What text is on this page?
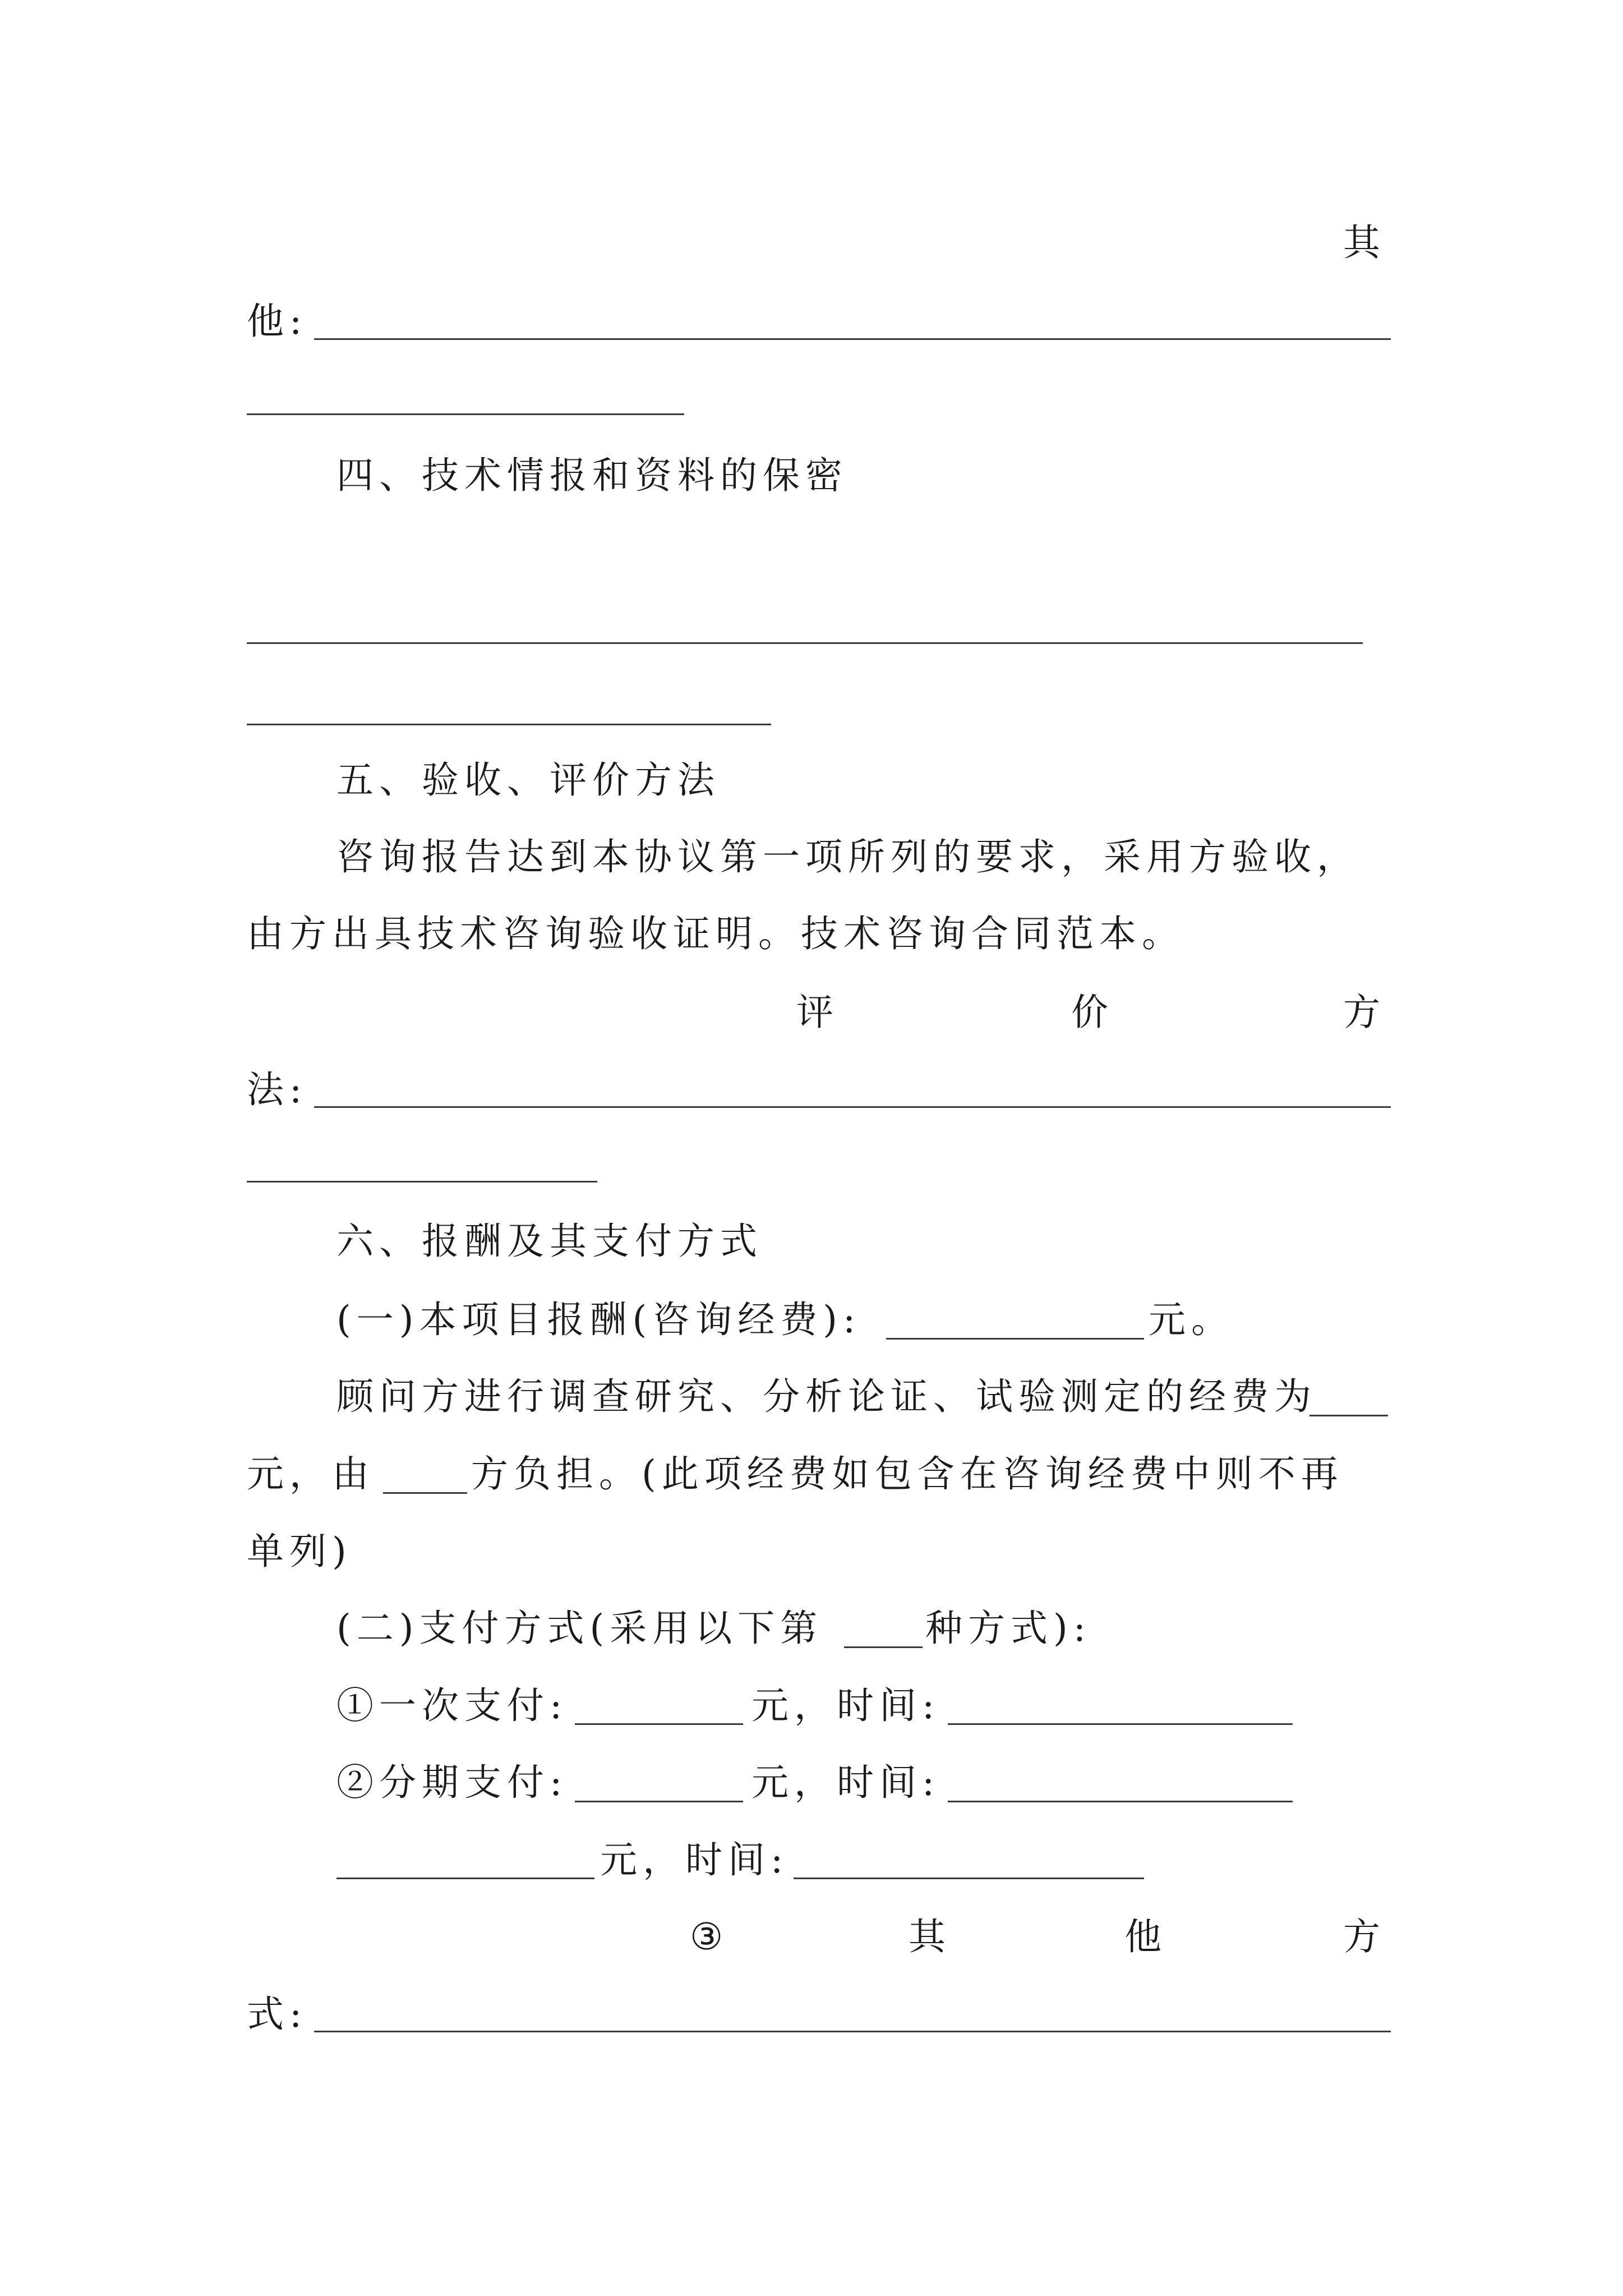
其
他:
四、技术情报和资料的保密
五、验收、评价方法
咨询报告达到本协议第一项所列的要求，采用方验收，
由方出具技术咨询验收证明。技术咨询合同范本。
评	价	方
法:
六、报酬及其支付方式
(一)本项目报酬(咨询经费):	元。
顾问方进行调查研究、分析论证、试验测定的经费为
元，由	方负担。(此项经费如包含在咨询经费中则不再
单列)
(二)支付方式(采用以下第	种方式):
①一次支付:	元，时间:
②分期支付:	元，时间:
元，时间:
③	其	他	方
式:
